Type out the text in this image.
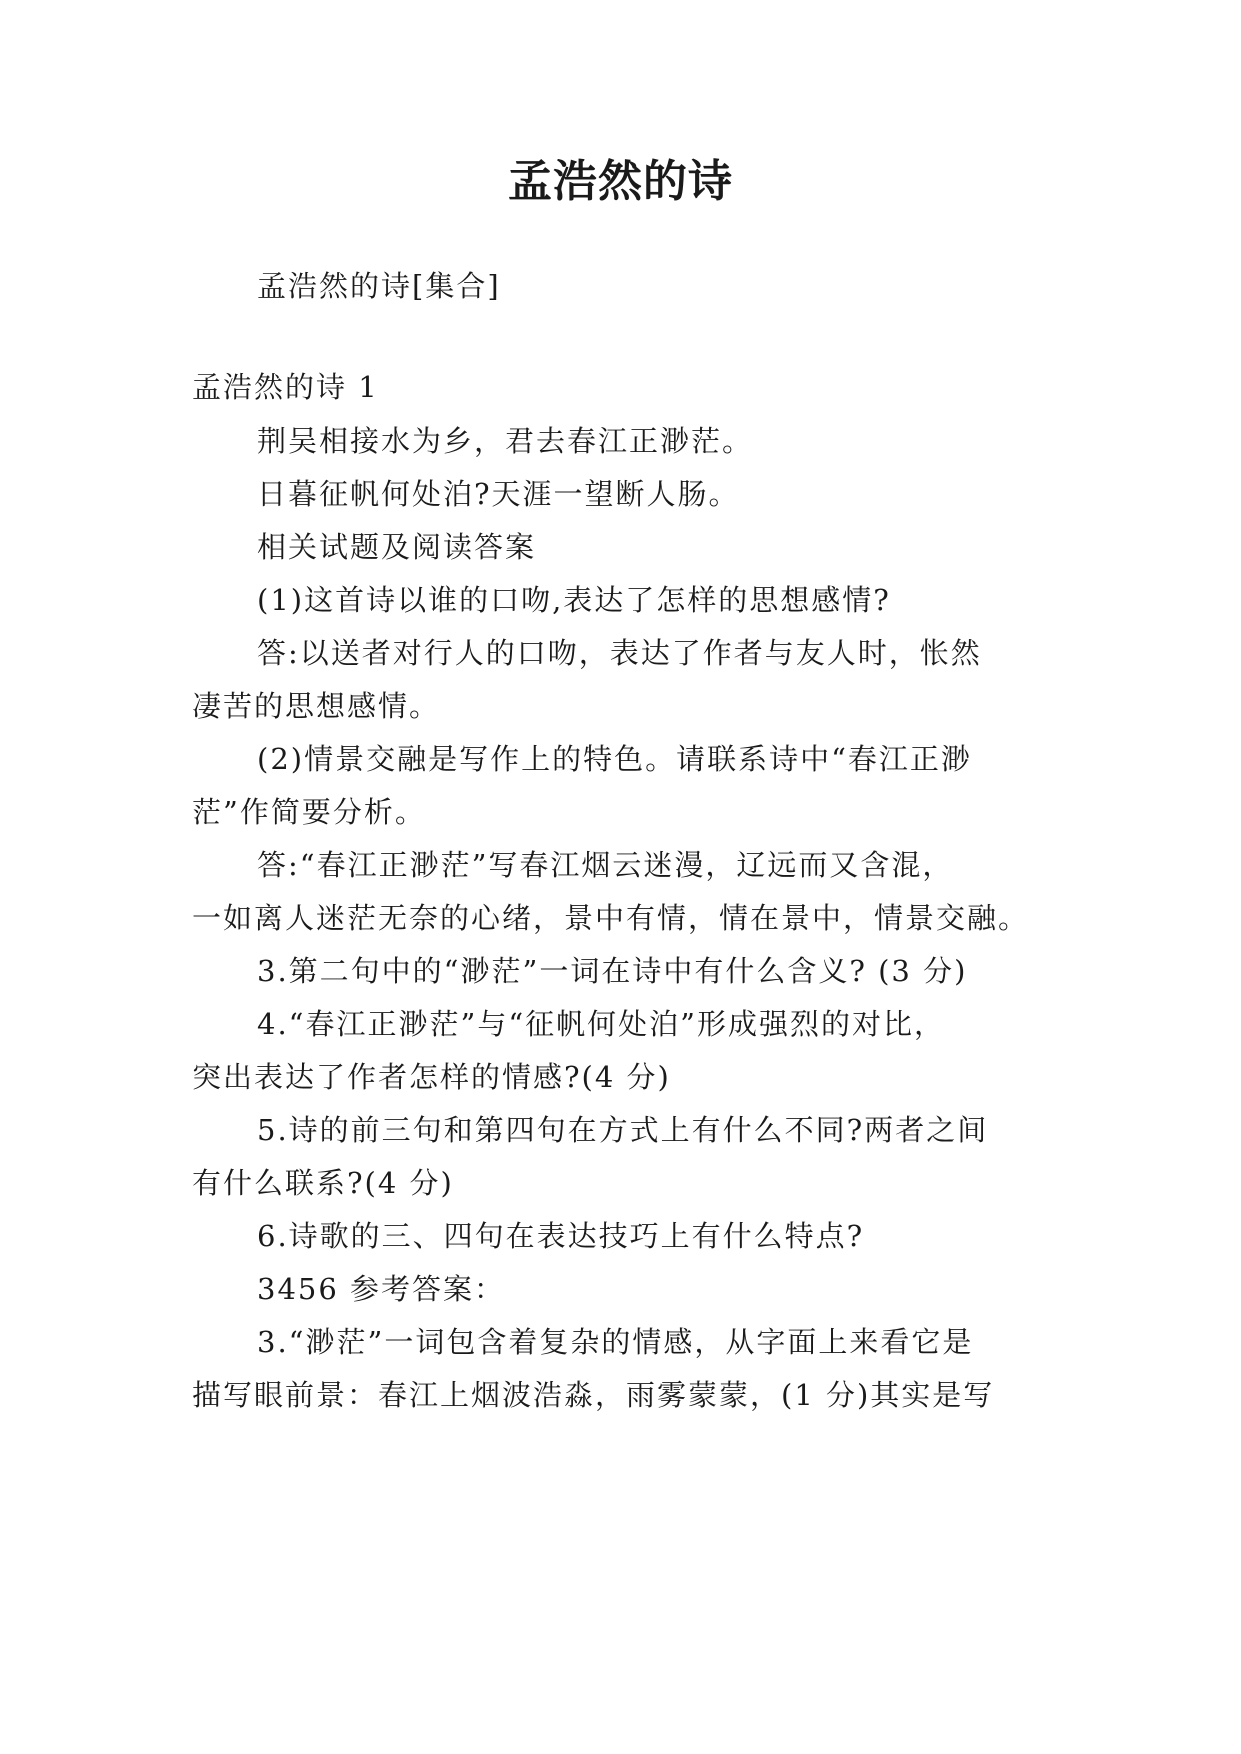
孟浩然的诗

孟浩然的诗[集合]

孟浩然的诗 1

荆吴相接水为乡，君去春江正渺茫。

日暮征帆何处泊?天涯一望断人肠。

相关试题及阅读答案

(1)这首诗以谁的口吻,表达了怎样的思想感情?

答:以送者对行人的口吻，表达了作者与友人时，怅然

凄苦的思想感情。

(2)情景交融是写作上的特色。请联系诗中“春江正渺

茫”作简要分析。

答:“春江正渺茫”写春江烟云迷漫，辽远而又含混，

一如离人迷茫无奈的心绪，景中有情，情在景中，情景交融。

3.第二句中的“渺茫”一词在诗中有什么含义? (3 分)

4.“春江正渺茫”与“征帆何处泊”形成强烈的对比，

突出表达了作者怎样的情感?(4 分)

5.诗的前三句和第四句在方式上有什么不同?两者之间

有什么联系?(4 分)

6.诗歌的三、四句在表达技巧上有什么特点?

3456 参考答案：

3.“渺茫”一词包含着复杂的情感，从字面上来看它是

描写眼前景：春江上烟波浩淼，雨雾蒙蒙，(1 分)其实是写
